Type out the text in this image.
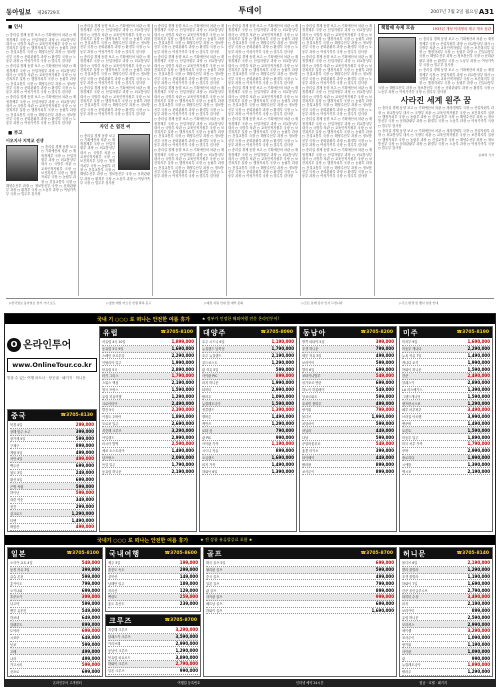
동아일보 제26729호	투데이	2007년 7월 2일 월요일 A31
■ 인사

○ 총리실 경제 동향 보고 ○ 기획예산처 차관 ○ 재정경제부 국장 ○ 산업자원부 과장 ○ 외교통상부 대사 ○ 국방부 차관 ○ 교육인적자원부 국장 ○ 보건복지부 실장 ○ 행정자치부 국장 ○ 농림부 과장 ○ 건설교통부 국장 ○ 해양수산부 과장 ○ 정보통신부 국장 ○ 문화관광부 과장 ○ 환경부 국장 ○ 노동부 과장 ○ 여성가족부 국장 ○ 법무부 검사장

○ 총리실 경제 동향 보고 ○ 기획예산처 차관 ○ 재정경제부 국장 ○ 산업자원부 과장 ○ 외교통상부 대사 ○ 국방부 차관 ○ 교육인적자원부 국장 ○ 보건복지부 실장 ○ 행정자치부 국장 ○ 농림부 과장 ○ 건설교통부 국장 ○ 해양수산부 과장 ○ 정보통신부 국장 ○ 문화관광부 과장 ○ 환경부 국장 ○ 노동부 과장 ○ 여성가족부 국장 ○ 법무부 검사장

○ 총리실 경제 동향 보고 ○ 기획예산처 차관 ○ 재정경제부 국장 ○ 산업자원부 과장 ○ 외교통상부 대사 ○ 국방부 차관 ○ 교육인적자원부 국장 ○ 보건복지부 실장 ○ 행정자치부 국장 ○ 농림부 과장 ○ 건설교통부 국장 ○ 해양수산부 과장 ○ 정보통신부 국장 ○ 문화관광부 과장 ○ 환경부 국장 ○ 노동부 과장 ○ 여성가족부 국장 ○ 법무부 검사장

■ 부고
이모지사 지역교 선생

○ 총리실 경제 동향 보고 ○ 기획예산처 차관 ○ 재정경제부 국장 ○ 산업자원부 과장 ○ 외교통상부 대사 ○ 국방부 차관 ○ 교육인적자원부 국장 ○ 보건복지부 실장 ○ 행정자치부 국장 ○ 농림부 과장 ○ 건설교통부 국장 ○ 해양수산부 과장 ○ 정보통신부 국장 ○ 문화관광부 과장 ○ 환경부 국장 ○ 노동부 과장 ○ 여성가족부 국장 ○ 법무부 검사장

○ 총리실 경제 동향 보고 ○ 기획예산처 차관 ○ 재정경제부 국장 ○ 산업자원부 과장 ○ 외교통상부 대사 ○ 국방부 차관 ○ 교육인적자원부 국장 ○ 보건복지부 실장 ○ 행정자치부 국장 ○ 농림부 과장 ○ 건설교통부 국장 ○ 해양수산부 과장 ○ 정보통신부 국장 ○ 문화관광부 과장 ○ 환경부 국장 ○ 노동부 과장 ○ 여성가족부 국장 ○ 법무부 검사장

○ 총리실 경제 동향 보고 ○ 기획예산처 차관 ○ 재정경제부 국장 ○ 산업자원부 과장 ○ 외교통상부 대사 ○ 국방부 차관 ○ 교육인적자원부 국장 ○ 보건복지부 실장 ○ 행정자치부 국장 ○ 농림부 과장 ○ 건설교통부 국장 ○ 해양수산부 과장 ○ 정보통신부 국장 ○ 문화관광부 과장 ○ 환경부 국장 ○ 노동부 과장 ○ 여성가족부 국장 ○ 법무부 검사장

○ 총리실 경제 동향 보고 ○ 기획예산처 차관 ○ 재정경제부 국장 ○ 산업자원부 과장 ○ 외교통상부 대사 ○ 국방부 차관 ○ 교육인적자원부 국장 ○ 보건복지부 실장 ○ 행정자치부 국장 ○ 농림부 과장 ○ 건설교통부 국장 ○ 해양수산부 과장 ○ 정보통신부 국장 ○ 문화관광부 과장 ○ 환경부 국장 ○ 노동부 과장 ○ 여성가족부 국장 ○ 법무부 검사장

자인 은 엽전 씨

○ 총리실 경제 동향 보고 ○ 기획예산처 차관 ○ 재정경제부 국장 ○ 산업자원부 과장 ○ 외교통상부 대사 ○ 국방부 차관 ○ 교육인적자원부 국장 ○ 보건복지부 실장 ○ 행정자치부 국장 ○ 농림부 과장 ○ 건설교통부 국장 ○ 해양수산부 과장 ○ 정보통신부 국장 ○ 문화관광부 과장 ○ 환경부 국장 ○ 노동부 과장 ○ 여성가족부 국장 ○ 법무부 검사장

○ 총리실 경제 동향 보고 ○ 기획예산처 차관 ○ 재정경제부 국장 ○ 산업자원부 과장 ○ 외교통상부 대사 ○ 국방부 차관 ○ 교육인적자원부 국장 ○ 보건복지부 실장 ○ 행정자치부 국장 ○ 농림부 과장 ○ 건설교통부 국장 ○ 해양수산부 과장 ○ 정보통신부 국장 ○ 문화관광부 과장 ○ 환경부 국장 ○ 노동부 과장 ○ 여성가족부 국장 ○ 법무부 검사장

○ 총리실 경제 동향 보고 ○ 기획예산처 차관 ○ 재정경제부 국장 ○ 산업자원부 과장 ○ 외교통상부 대사 ○ 국방부 차관 ○ 교육인적자원부 국장 ○ 보건복지부 실장 ○ 행정자치부 국장 ○ 농림부 과장 ○ 건설교통부 국장 ○ 해양수산부 과장 ○ 정보통신부 국장 ○ 문화관광부 과장 ○ 환경부 국장 ○ 노동부 과장 ○ 여성가족부 국장 ○ 법무부 검사장

○ 총리실 경제 동향 보고 ○ 기획예산처 차관 ○ 재정경제부 국장 ○ 산업자원부 과장 ○ 외교통상부 대사 ○ 국방부 차관 ○ 교육인적자원부 국장 ○ 보건복지부 실장 ○ 행정자치부 국장 ○ 농림부 과장 ○ 건설교통부 국장 ○ 해양수산부 과장 ○ 정보통신부 국장 ○ 문화관광부 과장 ○ 환경부 국장 ○ 노동부 과장 ○ 여성가족부 국장 ○ 법무부 검사장

○ 총리실 경제 동향 보고 ○ 기획예산처 차관 ○ 재정경제부 국장 ○ 산업자원부 과장 ○ 외교통상부 대사 ○ 국방부 차관 ○ 교육인적자원부 국장 ○ 보건복지부 실장 ○ 행정자치부 국장 ○ 농림부 과장 ○ 건설교통부 국장 ○ 해양수산부 과장 ○ 정보통신부 국장 ○ 문화관광부 과장 ○ 환경부 국장 ○ 노동부 과장 ○ 여성가족부 국장 ○ 법무부 검사장

○ 총리실 경제 동향 보고 ○ 기획예산처 차관 ○ 재정경제부 국장 ○ 산업자원부 과장 ○ 외교통상부 대사 ○ 국방부 차관 ○ 교육인적자원부 국장 ○ 보건복지부 실장 ○ 행정자치부 국장 ○ 농림부 과장 ○ 건설교통부 국장 ○ 해양수산부 과장 ○ 정보통신부 국장 ○ 문화관광부 과장 ○ 환경부 국장 ○ 노동부 과장 ○ 여성가족부 국장 ○ 법무부 검사장

○ 총리실 경제 동향 보고 ○ 기획예산처 차관 ○ 재정경제부 국장 ○ 산업자원부 과장 ○ 외교통상부 대사 ○ 국방부 차관 ○ 교육인적자원부 국장 ○ 보건복지부 실장 ○ 행정자치부 국장 ○ 농림부 과장 ○ 건설교통부 국장 ○ 해양수산부 과장 ○ 정보통신부 국장 ○ 문화관광부 과장 ○ 환경부 국장 ○ 노동부 과장 ○ 여성가족부 국장 ○ 법무부 검사장

○ 총리실 경제 동향 보고 ○ 기획예산처 차관 ○ 재정경제부 국장 ○ 산업자원부 과장 ○ 외교통상부 대사 ○ 국방부 차관 ○ 교육인적자원부 국장 ○ 보건복지부 실장 ○ 행정자치부 국장 ○ 농림부 과장 ○ 건설교통부 국장 ○ 해양수산부 과장 ○ 정보통신부 국장 ○ 문화관광부 과장 ○ 환경부 국장 ○ 노동부 과장 ○ 여성가족부 국장 ○ 법무부 검사장

○ 총리실 경제 동향 보고 ○ 기획예산처 차관 ○ 재정경제부 국장 ○ 산업자원부 과장 ○ 외교통상부 대사 ○ 국방부 차관 ○ 교육인적자원부 국장 ○ 보건복지부 실장 ○ 행정자치부 국장 ○ 농림부 과장 ○ 건설교통부 국장 ○ 해양수산부 과장 ○ 정보통신부 국장 ○ 문화관광부 과장 ○ 환경부 국장 ○ 노동부 과장 ○ 여성가족부 국장 ○ 법무부 검사장

○ 총리실 경제 동향 보고 ○ 기획예산처 차관 ○ 재정경제부 국장 ○ 산업자원부 과장 ○ 외교통상부 대사 ○ 국방부 차관 ○ 교육인적자원부 국장 ○ 보건복지부 실장 ○ 행정자치부 국장 ○ 농림부 과장 ○ 건설교통부 국장 ○ 해양수산부 과장 ○ 정보통신부 국장 ○ 문화관광부 과장 ○ 환경부 국장 ○ 노동부 과장 ○ 여성가족부 국장 ○ 법무부 검사장

○ 총리실 경제 동향 보고 ○ 기획예산처 차관 ○ 재정경제부 국장 ○ 산업자원부 과장 ○ 외교통상부 대사 ○ 국방부 차관 ○ 교육인적자원부 국장 ○ 보건복지부 실장 ○ 행정자치부 국장 ○ 농림부 과장 ○ 건설교통부 국장 ○ 해양수산부 과장 ○ 정보통신부 국장 ○ 문화관광부 과장 ○ 환경부 국장 ○ 노동부 과장 ○ 여성가족부 국장 ○ 법무부 검사장

○ 총리실 경제 동향 보고 ○ 기획예산처 차관 ○ 재정경제부 국장 ○ 산업자원부 과장 ○ 외교통상부 대사 ○ 국방부 차관 ○ 교육인적자원부 국장 ○ 보건복지부 실장 ○ 행정자치부 국장 ○ 농림부 과장 ○ 건설교통부 국장 ○ 해양수산부 과장 ○ 정보통신부 국장 ○ 문화관광부 과장 ○ 환경부 국장 ○ 노동부 과장 ○ 여성가족부 국장 ○ 법무부 검사장

○ 총리실 경제 동향 보고 ○ 기획예산처 차관 ○ 재정경제부 국장 ○ 산업자원부 과장 ○ 외교통상부 대사 ○ 국방부 차관 ○ 교육인적자원부 국장 ○ 보건복지부 실장 ○ 행정자치부 국장 ○ 농림부 과장 ○ 건설교통부 국장 ○ 해양수산부 과장 ○ 정보통신부 국장 ○ 문화관광부 과장 ○ 환경부 국장 ○ 노동부 과장 ○ 여성가족부 국장 ○ 법무부 검사장

○ 총리실 경제 동향 보고 ○ 기획예산처 차관 ○ 재정경제부 국장 ○ 산업자원부 과장 ○ 외교통상부 대사 ○ 국방부 차관 ○ 교육인적자원부 국장 ○ 보건복지부 실장 ○ 행정자치부 국장 ○ 농림부 과장 ○ 건설교통부 국장 ○ 해양수산부 과장 ○ 정보통신부 국장 ○ 문화관광부 과장 ○ 환경부 국장 ○ 노동부 과장 ○ 여성가족부 국장 ○ 법무부 검사장

○ 총리실 경제 동향 보고 ○ 기획예산처 차관 ○ 재정경제부 국장 ○ 산업자원부 과장 ○ 외교통상부 대사 ○ 국방부 차관 ○ 교육인적자원부 국장 ○ 보건복지부 실장 ○ 행정자치부 국장 ○ 농림부 과장 ○ 건설교통부 국장 ○ 해양수산부 과장 ○ 정보통신부 국장 ○ 문화관광부 과장 ○ 환경부 국장 ○ 노동부 과장 ○ 여성가족부 국장 ○ 법무부 검사장

○ 총리실 경제 동향 보고 ○ 기획예산처 차관 ○ 재정경제부 국장 ○ 산업자원부 과장 ○ 외교통상부 대사 ○ 국방부 차관 ○ 교육인적자원부 국장 ○ 보건복지부 실장 ○ 행정자치부 국장 ○ 농림부 과장 ○ 건설교통부 국장 ○ 해양수산부 과장 ○ 정보통신부 국장 ○ 문화관광부 과장 ○ 환경부 국장 ○ 노동부 과장 ○ 여성가족부 국장 ○ 법무부 검사장

책할때 숙제 모음	1937년 개성 이태영의 제주 개조 섬관

○ 총리실 경제 동향 보고 ○ 기획예산처 차관 ○ 재정경제부 국장 ○ 산업자원부 과장 ○ 외교통상부 대사 ○ 국방부 차관 ○ 교육인적자원부 국장 ○ 보건복지부 실장 ○ 행정자치부 국장 ○ 농림부 과장 ○ 건설교통부 국장 ○ 해양수산부 과장 ○ 정보통신부 국장 ○ 문화관광부 과장 ○ 환경부 국장 ○ 노동부 과장 ○ 여성가족부 국장 ○ 법무부 검사장

○ 총리실 경제 동향 보고 ○ 기획예산처 차관 ○ 재정경제부 국장 ○ 산업자원부 과장 ○ 외교통상부 대사 ○ 국방부 차관 ○ 교육인적자원부 국장 ○ 보건복지부 실장 ○ 행정자치부 국장 ○ 농림부 과장 ○ 건설교통부 국장 ○ 해양수산부 과장 ○ 정보통신부 국장 ○ 문화관광부 과장 ○ 환경부 국장 ○ 노동부 과장 ○ 여성가족부 국장 ○ 법무부 검사장

사라진 세계 원주 꿈

○ 총리실 경제 동향 보고 ○ 기획예산처 차관 ○ 재정경제부 국장 ○ 산업자원부 과장 ○ 외교통상부 대사 ○ 국방부 차관 ○ 교육인적자원부 국장 ○ 보건복지부 실장 ○ 행정자치부 국장 ○ 농림부 과장 ○ 건설교통부 국장 ○ 해양수산부 과장 ○ 정보통신부 국장 ○ 문화관광부 과장 ○ 환경부 국장 ○ 노동부 과장 ○ 여성가족부 국장 ○ 법무부 검사장

○ 총리실 경제 동향 보고 ○ 기획예산처 차관 ○ 재정경제부 국장 ○ 산업자원부 과장 ○ 외교통상부 대사 ○ 국방부 차관 ○ 교육인적자원부 국장 ○ 보건복지부 실장 ○ 행정자치부 국장 ○ 농림부 과장 ○ 건설교통부 국장 ○ 해양수산부 과장 ○ 정보통신부 국장 ○ 문화관광부 과장 ○ 환경부 국장 ○ 노동부 과장 ○ 여성가족부 국장 ○ 법무부 검사장

윤희영 기자
▷한국일보 동아일보 선거 기사 보도	▷창업 개업 어르신 선생 축하 문구	▷재정 지원 안내 및 예약 문의	▷모든 분께 감사 인사 드립니다	▷주소 변경 및 행사 일정 안내
국내 기 ○○○ 로 떠나는 안전한 여름 휴가	★ 정부가 인정한 해외여행 전문 온라인투어!
O 온라인투어
www.OnlineTour.co.kr
믿을 수 있는 여행 파트너 · 항공권 · 패키지 · 허니문
국내기 ○○○ 로 떠나는 안전한 여름 휴가	★ 전 상품 유류할증료 포함 ★
유럽	☎3705-8100
서유럽 4국 10일	1,899,000
동유럽 3국 9일	1,690,000
스페인 포르투갈	2,290,000
이탈리아 일주	1,990,000
북유럽 5국	2,890,000
터키 그리스	1,790,000
스위스 핵심	2,190,000
영국 프랑스	1,590,000
유럽 자유여행	1,290,000
크로아티아	2,490,000
발칸 5국	2,390,000
이집트 두바이	1,890,000
모로코 일주	2,690,000
지중해 크루즈	3,290,000
아일랜드	2,990,000
러시아 발틱	2,590,000
체코 오스트리아	1,490,000
남프랑스	2,090,000
독일 일주	1,790,000
동유럽 허니문	2,190,000
대양주	☎3705-8090
호주 시드니 6일	1,190,000
뉴질랜드 남북섬	1,790,000
호주 뉴질랜드	2,190,000
골드코스트	1,290,000
괌 자유 5일	599,000
사이판 PIC	899,000
피지 허니문	1,990,000
타히티	2,990,000
팔라우	1,090,000
뉴칼레도니아	1,590,000
퀸즐랜드	1,390,000
멜버른	1,490,000
케언즈	1,290,000
로타 섬	790,000
괌 PIC	990,000
사이판 가족	1,190,000
시드니 자유	899,000
오클랜드	1,690,000
피지 가족	1,490,000
하와이 6일	1,390,000
동남아	☎3705-8200
방콕 파타야 5일	399,000
푸켓 허니문	799,000
세부 자유 5일	499,000
보라카이	599,000
발리 6일	699,000
코타키나발루	549,000
싱가포르 빈탄	699,000
하노이 하롱베이	549,000
앙코르와트	599,000
호치민 붕따우	499,000
랑카위	799,000
몰디브	1,990,000
치앙마이	599,000
마닐라	449,000
다낭	599,000
쿠알라룸푸르	549,000
홍콩 마카오	399,000
타이베이	449,000
팔라완	899,000
코사무이	899,000
미주	☎3705-8190
미서부 9일	1,690,000
미동부 캐나다	2,290,000
뉴욕 자유 7일	1,490,000
캐나다 로키	1,990,000
하와이 허니문	1,590,000
칸쿤	2,490,000
알래스카	2,890,000
LA 라스베가스	1,390,000
그랜드캐니언	1,590,000
샌프란시스코	1,290,000
페루 마추픽추	3,490,000
브라질 아르헨	3,990,000
밴쿠버	1,490,000
토론토	1,590,000
미동부 일주	1,890,000
미국 서부 가족	1,790,000
쿠바	2,990,000
플로리다	1,990,000
시애틀	1,390,000
멕시코	2,190,000
허니문	☎3705-8140
몰디브 6일	2,190,000
발리 풀빌라	1,290,000
푸켓 풀빌라	1,190,000
하와이 7일	1,690,000
칸쿤 올인클루시브	2,790,000
타히티 수상	3,490,000
피지	2,190,000
보라카이	899,000
유럽 허니문	2,590,000
모리셔스	2,990,000
세이셸	3,290,000
코사무이	1,090,000
랑카위	1,190,000
사이판	1,090,000
괌	990,000
뉴칼레도니아	1,890,000
팔라우	1,290,000
중국	☎3705-8130
북경 4일	299,000
상해 항주 소주	399,000
장가계 5일	599,000
구채구	899,000
계림 5일	499,000
서안 4일	499,000
백두산	699,000
청도 3일	249,000
황산 5일	699,000
곤명 석림	599,000
하이난	599,000
대련 여순	349,000
천진	299,000
실크로드	1,290,000
티벳	1,490,000
태항산	499,000
일본	☎3705-8100
오사카 교토 4일	549,000
동경 자유 3일	399,000
큐슈 온천	599,000
훗카이도	799,000
오키나와	699,000
후쿠오카	399,000
나고야	599,000
벳부 유후인	549,000
하코네	649,000
알펜루트	899,000
도야마	699,000
시코쿠	649,000
닛코	599,000
고베	499,000
나라	499,000
가고시마	599,000
삿포로	699,000
국내여행	☎3705-8600
제주 3일	199,000
울릉도 독도	299,000
설악산	149,000
남해안 일주	189,000
지리산	129,000
백령도	259,000
홍도 흑산도	239,000
크루즈	☎3705-8700
지중해 크루즈	3,290,000
알래스카 크루즈	3,590,000
카리브해	2,990,000
동남아 크루즈	1,290,000
북유럽 피요르드	3,890,000
하와이 크루즈	2,790,000
일본 크루즈	990,000
골프	☎3705-8700
태국 골프 5일	699,000
필리핀 골프	599,000
중국 골프	499,000
일본 골프	799,000
괌 골프	899,000
사이판 골프	999,000
베트남 골프	699,000
하와이 골프	1,690,000
온라인투어 고객센터	여행업 등록번호	인터넷 예약 24시간	항공 · 호텔 · 패키지
